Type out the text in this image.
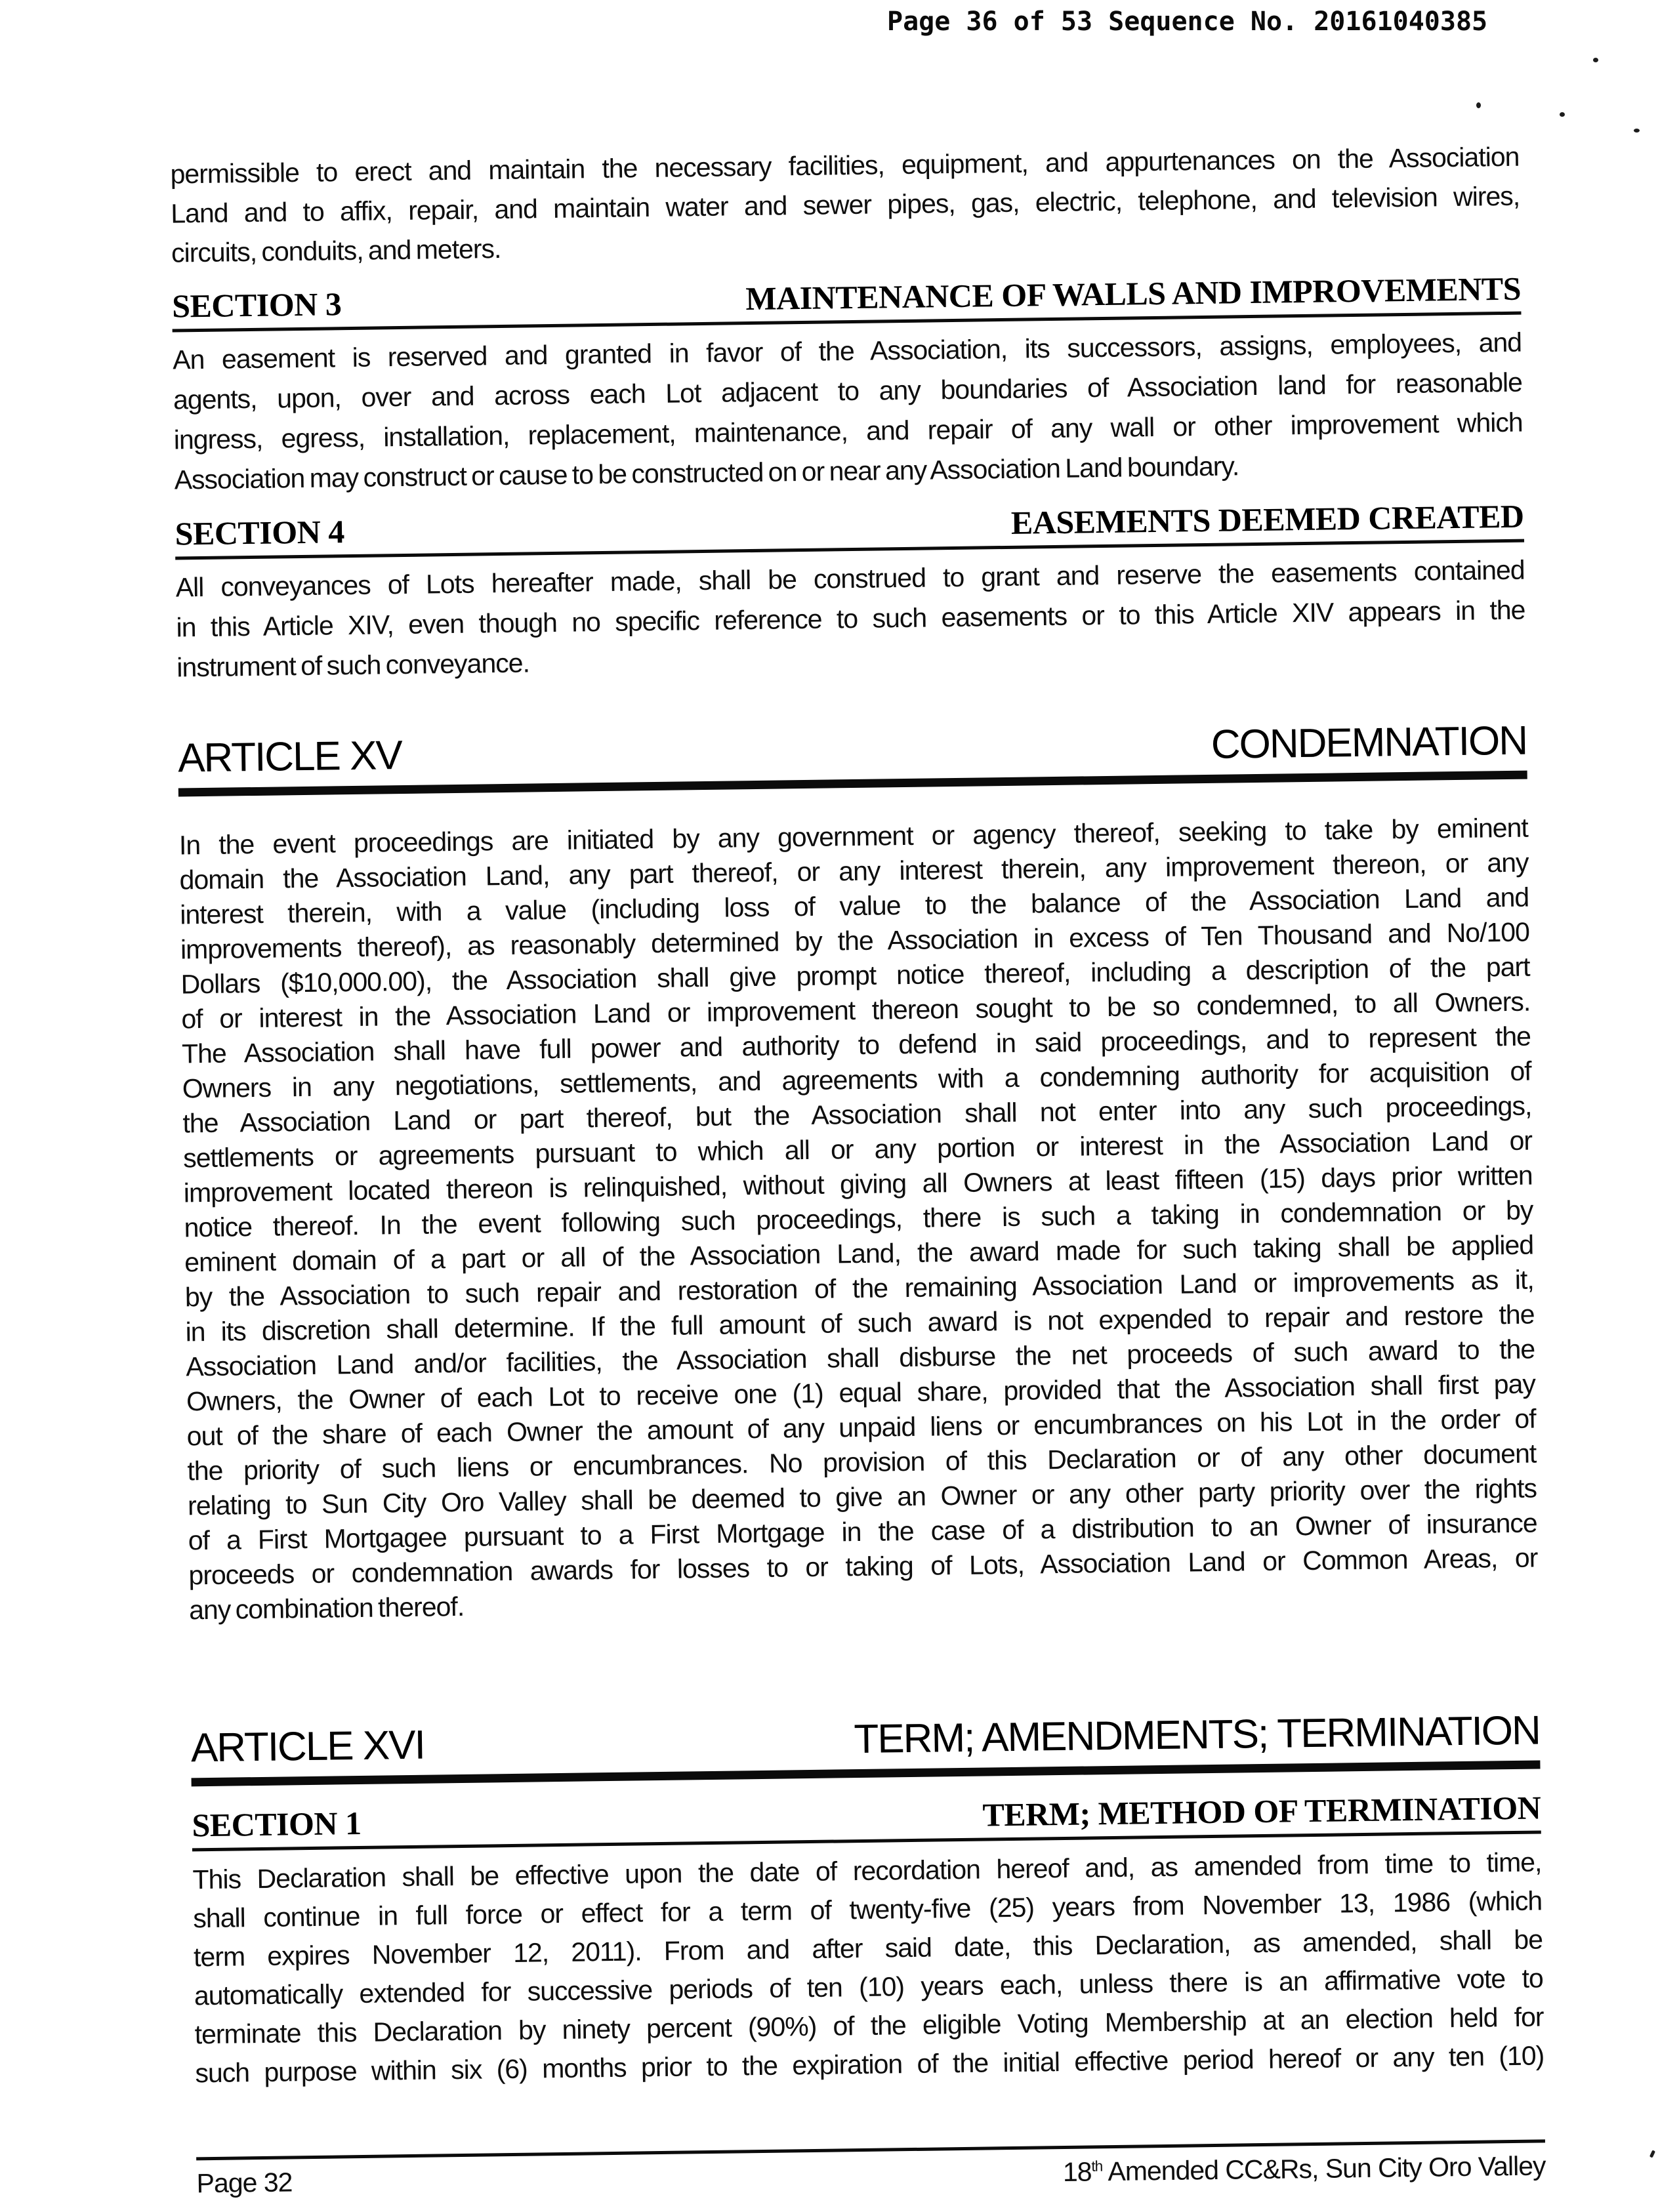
Page 36 of 53 Sequence No. 20161040385
permissible to erect and maintain the necessary facilities, equipment, and appurtenances on the Association
Land and to affix, repair, and maintain water and sewer pipes, gas, electric, telephone, and television wires,
circuits, conduits, and meters.
SECTION 3	MAINTENANCE OF WALLS AND IMPROVEMENTS
An easement is reserved and granted in favor of the Association, its successors, assigns, employees, and
agents, upon, over and across each Lot adjacent to any boundaries of Association land for reasonable
ingress, egress, installation, replacement, maintenance, and repair of any wall or other improvement which
Association may construct or cause to be constructed on or near any Association Land boundary.
SECTION 4	EASEMENTS DEEMED CREATED
All conveyances of Lots hereafter made, shall be construed to grant and reserve the easements contained
in this Article XIV, even though no specific reference to such easements or to this Article XIV appears in the
instrument of such conveyance.
ARTICLE XV	CONDEMNATION
In the event proceedings are initiated by any government or agency thereof, seeking to take by eminent
domain the Association Land, any part thereof, or any interest therein, any improvement thereon, or any
interest therein, with a value (including loss of value to the balance of the Association Land and
improvements thereof), as reasonably determined by the Association in excess of Ten Thousand and No/100
Dollars ($10,000.00), the Association shall give prompt notice thereof, including a description of the part
of or interest in the Association Land or improvement thereon sought to be so condemned, to all Owners.
The Association shall have full power and authority to defend in said proceedings, and to represent the
Owners in any negotiations, settlements, and agreements with a condemning authority for acquisition of
the Association Land or part thereof, but the Association shall not enter into any such proceedings,
settlements or agreements pursuant to which all or any portion or interest in the Association Land or
improvement located thereon is relinquished, without giving all Owners at least fifteen (15) days prior written
notice thereof. In the event following such proceedings, there is such a taking in condemnation or by
eminent domain of a part or all of the Association Land, the award made for such taking shall be applied
by the Association to such repair and restoration of the remaining Association Land or improvements as it,
in its discretion shall determine. If the full amount of such award is not expended to repair and restore the
Association Land and/or facilities, the Association shall disburse the net proceeds of such award to the
Owners, the Owner of each Lot to receive one (1) equal share, provided that the Association shall first pay
out of the share of each Owner the amount of any unpaid liens or encumbrances on his Lot in the order of
the priority of such liens or encumbrances. No provision of this Declaration or of any other document
relating to Sun City Oro Valley shall be deemed to give an Owner or any other party priority over the rights
of a First Mortgagee pursuant to a First Mortgage in the case of a distribution to an Owner of insurance
proceeds or condemnation awards for losses to or taking of Lots, Association Land or Common Areas, or
any combination thereof.
ARTICLE XVI	TERM; AMENDMENTS; TERMINATION
SECTION 1	TERM; METHOD OF TERMINATION
This Declaration shall be effective upon the date of recordation hereof and, as amended from time to time,
shall continue in full force or effect for a term of twenty-five (25) years from November 13, 1986 (which
term expires November 12, 2011). From and after said date, this Declaration, as amended, shall be
automatically extended for successive periods of ten (10) years each, unless there is an affirmative vote to
terminate this Declaration by ninety percent (90%) of the eligible Voting Membership at an election held for
such purpose within six (6) months prior to the expiration of the initial effective period hereof or any ten (10)
Page 32	18th Amended CC&Rs, Sun City Oro Valley
